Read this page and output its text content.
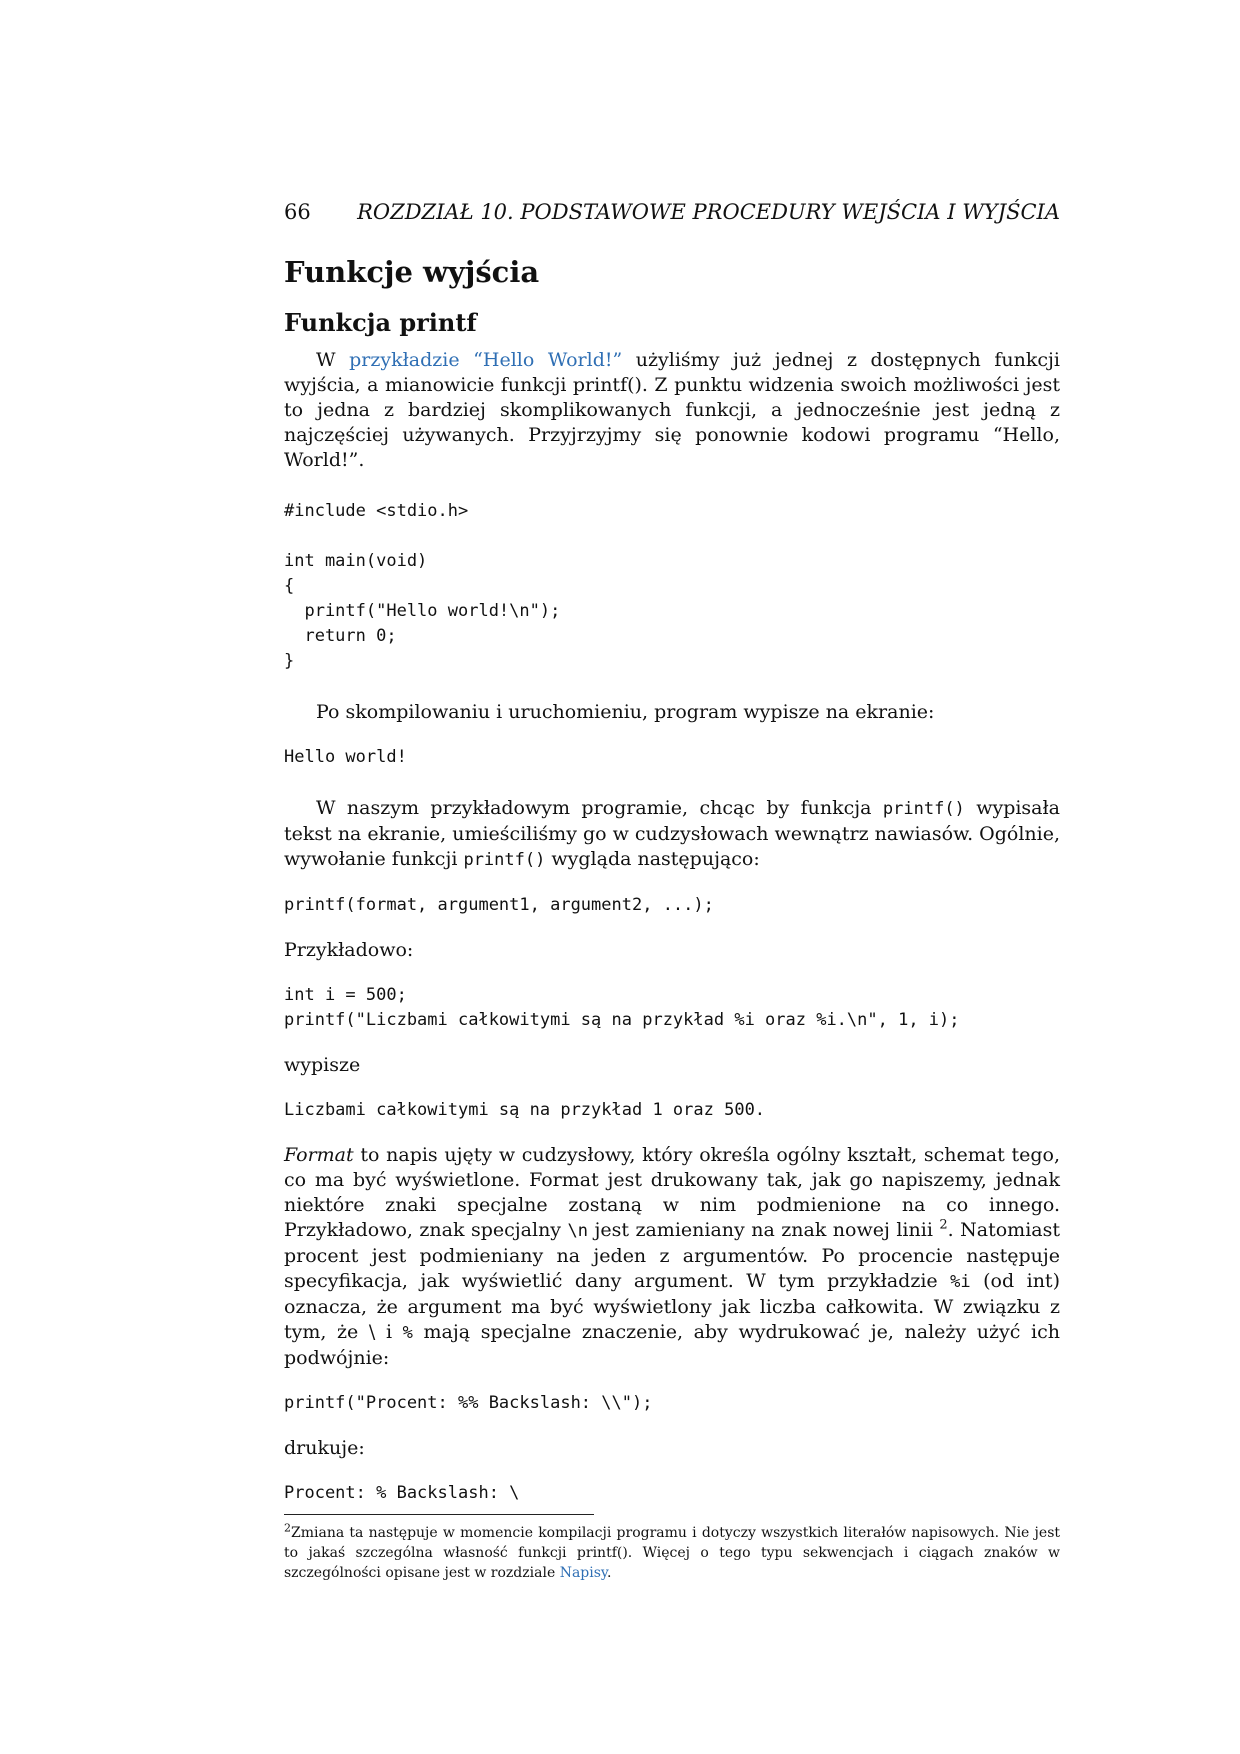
66 ROZDZIAŁ 10. PODSTAWOWE PROCEDURY WEJŚCIA I WYJŚCIA
Funkcje wyjścia
Funkcja printf

W przykładzie “Hello World!” użyliśmy już jednej z dostępnych funkcji wyjścia, a mianowicie funkcji printf(). Z punktu widzenia swoich możliwości jest to jedna z bardziej skomplikowanych funkcji, a jednocześnie jest jedną z najczęściej używanych. Przyjrzyjmy się ponownie kodowi programu “Hello, World!”.

#include <stdio.h>

int main(void)
{
printf("Hello world!\n");
return 0;
}

Po skompilowaniu i uruchomieniu, program wypisze na ekranie:

Hello world!

W naszym przykładowym programie, chcąc by funkcja printf() wypisała tekst na ekranie, umieściliśmy go w cudzysłowach wewnątrz nawiasów. Ogólnie, wywołanie funkcji printf() wygląda następująco:

printf(format, argument1, argument2, ...);

Przykładowo:

int i = 500;
printf("Liczbami całkowitymi są na przykład %i oraz %i.\n", 1, i);

wypisze

Liczbami całkowitymi są na przykład 1 oraz 500.

Format to napis ujęty w cudzysłowy, który określa ogólny kształt, schemat tego, co ma być wyświetlone. Format jest drukowany tak, jak go napiszemy, jednak niektóre znaki specjalne zostaną w nim podmienione na co innego. Przykładowo, znak specjalny \n jest zamieniany na znak nowej linii $^2$. Natomiast procent jest podmieniany na jeden z argumentów. Po procencie następuje specyfikacja, jak wyświetlić dany argument. W tym przykładzie %i (od int) oznacza, że argument ma być wyświetlony jak liczba całkowita. W związku z tym, że \ i % mają specjalne znaczenie, aby wydrukować je, należy użyć ich podwójnie:

printf("Procent: %% Backslash: \\");

drukuje:

Procent: % Backslash: \
$^2$Zmiana ta następuje w momencie kompilacji programu i dotyczy wszystkich literałów napisowych. Nie jest to jakaś szczególna własność funkcji printf(). Więcej o tego typu sekwencjach i ciągach znaków w szczególności opisane jest w rozdziale Napisy.
